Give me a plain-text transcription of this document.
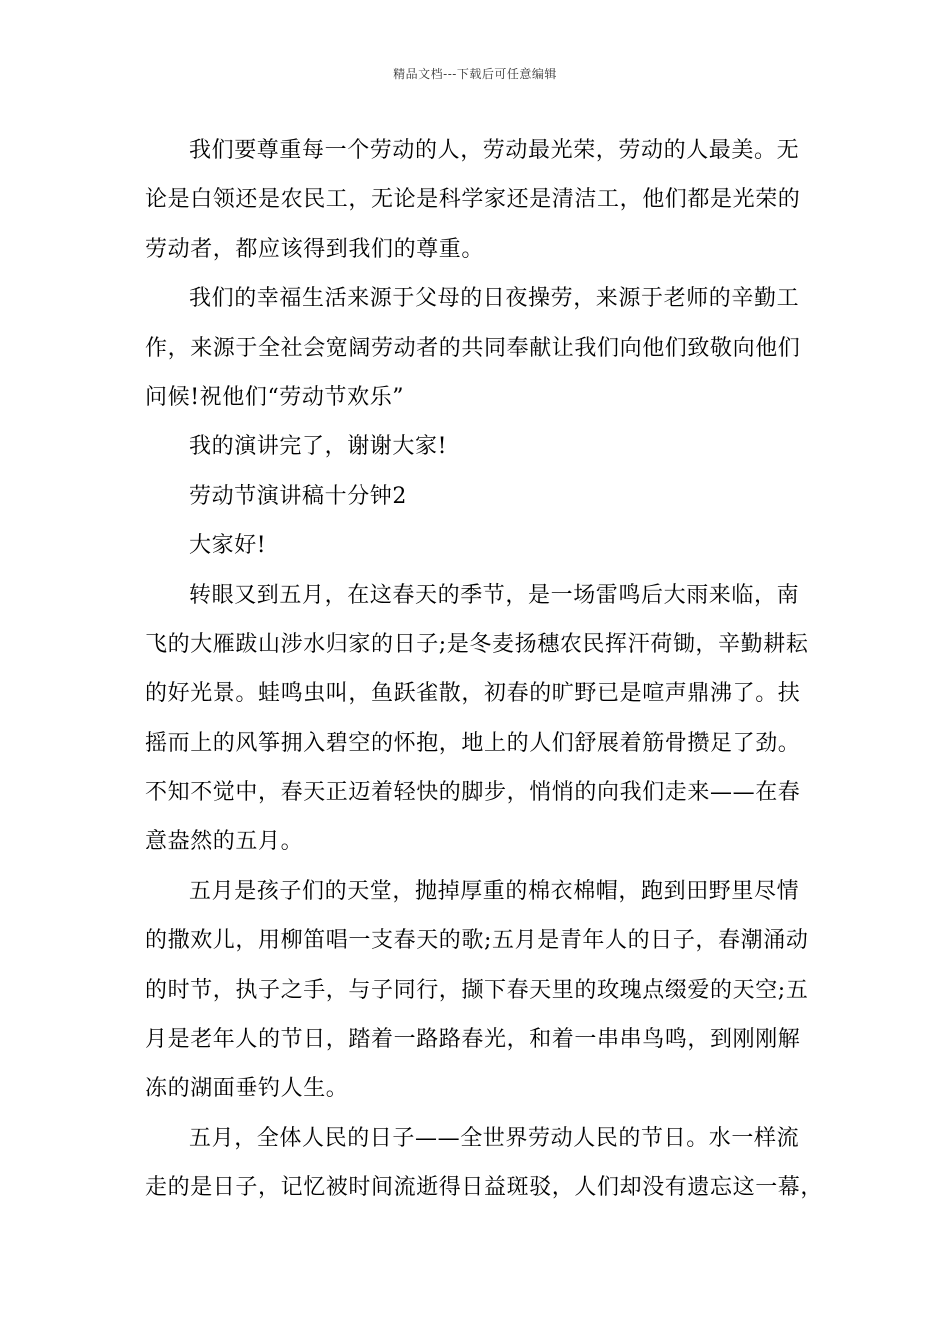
精品文档---下载后可任意编辑
我们要尊重每一个劳动的人，劳动最光荣，劳动的人最美。无
论是白领还是农民工，无论是科学家还是清洁工，他们都是光荣的
劳动者，都应该得到我们的尊重。
我们的幸福生活来源于父母的日夜操劳，来源于老师的辛勤工
作，来源于全社会宽阔劳动者的共同奉献让我们向他们致敬向他们
问候!祝他们“劳动节欢乐”
我的演讲完了，谢谢大家!
劳动节演讲稿十分钟2
大家好!
转眼又到五月，在这春天的季节，是一场雷鸣后大雨来临，南
飞的大雁跋山涉水归家的日子;是冬麦扬穗农民挥汗荷锄，辛勤耕耘
的好光景。蛙鸣虫叫，鱼跃雀散，初春的旷野已是喧声鼎沸了。扶
摇而上的风筝拥入碧空的怀抱，地上的人们舒展着筋骨攒足了劲。
不知不觉中，春天正迈着轻快的脚步，悄悄的向我们走来——在春
意盎然的五月。
五月是孩子们的天堂，抛掉厚重的棉衣棉帽，跑到田野里尽情
的撒欢儿，用柳笛唱一支春天的歌;五月是青年人的日子，春潮涌动
的时节，执子之手，与子同行，撷下春天里的玫瑰点缀爱的天空;五
月是老年人的节日，踏着一路路春光，和着一串串鸟鸣，到刚刚解
冻的湖面垂钓人生。
五月，全体人民的日子——全世界劳动人民的节日。水一样流
走的是日子，记忆被时间流逝得日益斑驳，人们却没有遗忘这一幕，
